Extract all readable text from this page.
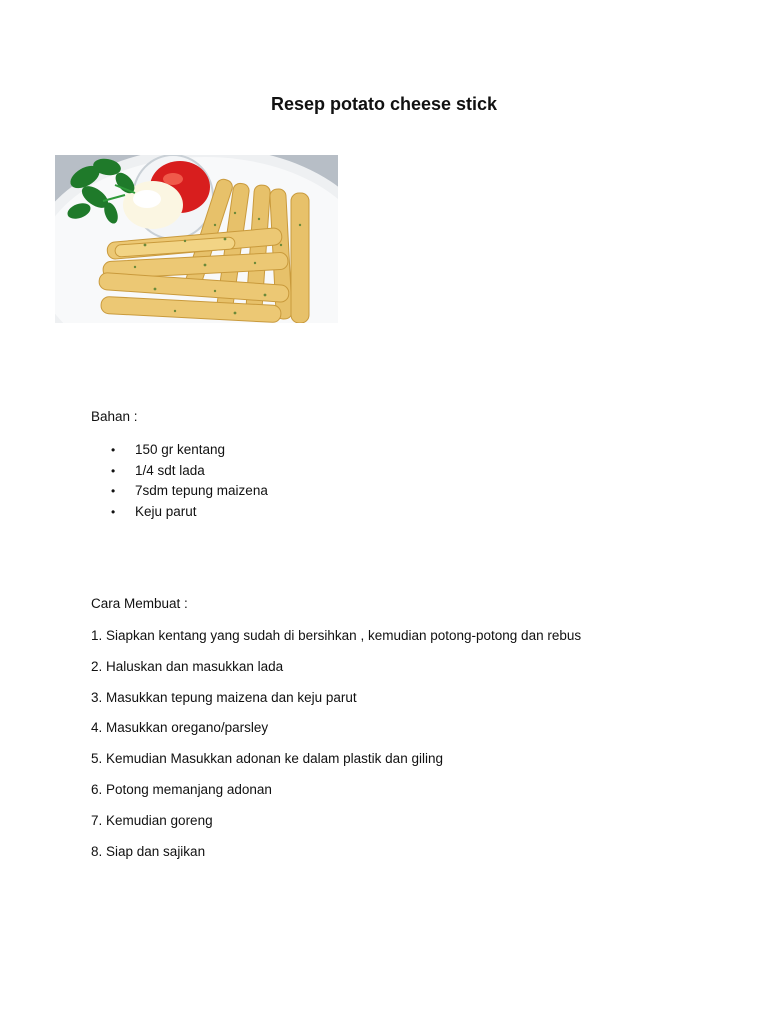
Resep potato cheese stick

Bahan :

• 150 gr kentang
• 1/4 sdt lada
• 7sdm tepung maizena
• Keju parut

Cara Membuat :

1. Siapkan kentang yang sudah di bersihkan , kemudian potong-potong dan rebus
2. Haluskan dan masukkan lada
3. Masukkan tepung maizena dan keju parut
4. Masukkan oregano/parsley
5. Kemudian Masukkan adonan ke dalam plastik dan giling
6. Potong memanjang adonan
7. Kemudian goreng
8. Siap dan sajikan
